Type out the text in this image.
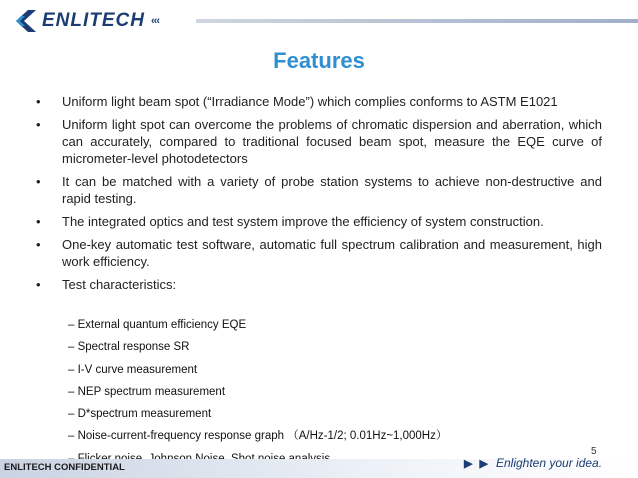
ENLITECH ‹‹‹
Features
• Uniform light beam spot (“Irradiance Mode”) which complies conforms to ASTM E1021
• Uniform light spot can overcome the problems of chromatic dispersion and aberration, which can accurately, compared to traditional focused beam spot, measure the EQE curve of micrometer-level photodetectors
• It can be matched with a variety of probe station systems to achieve non-destructive and rapid testing.
• The integrated optics and test system improve the efficiency of system construction.
• One-key automatic test software, automatic full spectrum calibration and measurement, high work efficiency.
• Test characteristics:
– External quantum efficiency EQE
– Spectral response SR
– I-V curve measurement
– NEP spectrum measurement
– D*spectrum measurement
– Noise-current-frequency response graph （A/Hz-1/2; 0.01Hz~1,000Hz）
ENLITECH CONFIDENTIAL
5
▶ ▶ Enlighten your idea.
